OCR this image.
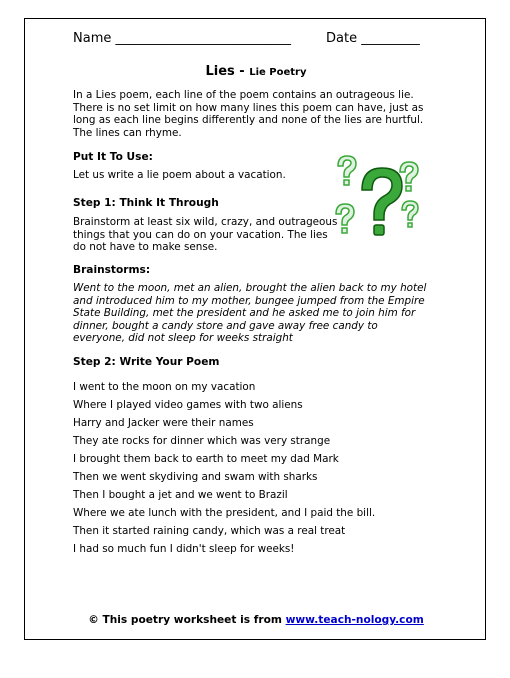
Name ___________________________	Date _________
Lies - Lie Poetry

In a Lies poem, each line of the poem contains an outrageous lie. There is no set limit on how many lines this poem can have, just as long as each line begins differently and none of the lies are hurtful. The lines can rhyme.

Put It To Use:

Let us write a lie poem about a vacation.

Step 1: Think It Through

Brainstorm at least six wild, crazy, and outrageous things that you can do on your vacation. The lies do not have to make sense.

Brainstorms:

Went to the moon, met an alien, brought the alien back to my hotel and introduced him to my mother, bungee jumped from the Empire State Building, met the president and he asked me to join him for dinner, bought a candy store and gave away free candy to everyone, did not sleep for weeks straight

Step 2: Write Your Poem

I went to the moon on my vacation
Where I played video games with two aliens
Harry and Jacker were their names
They ate rocks for dinner which was very strange
I brought them back to earth to meet my dad Mark
Then we went skydiving and swam with sharks
Then I bought a jet and we went to Brazil
Where we ate lunch with the president, and I paid the bill.
Then it started raining candy, which was a real treat
I had so much fun I didn't sleep for weeks!
© This poetry worksheet is from www.teach-nology.com
